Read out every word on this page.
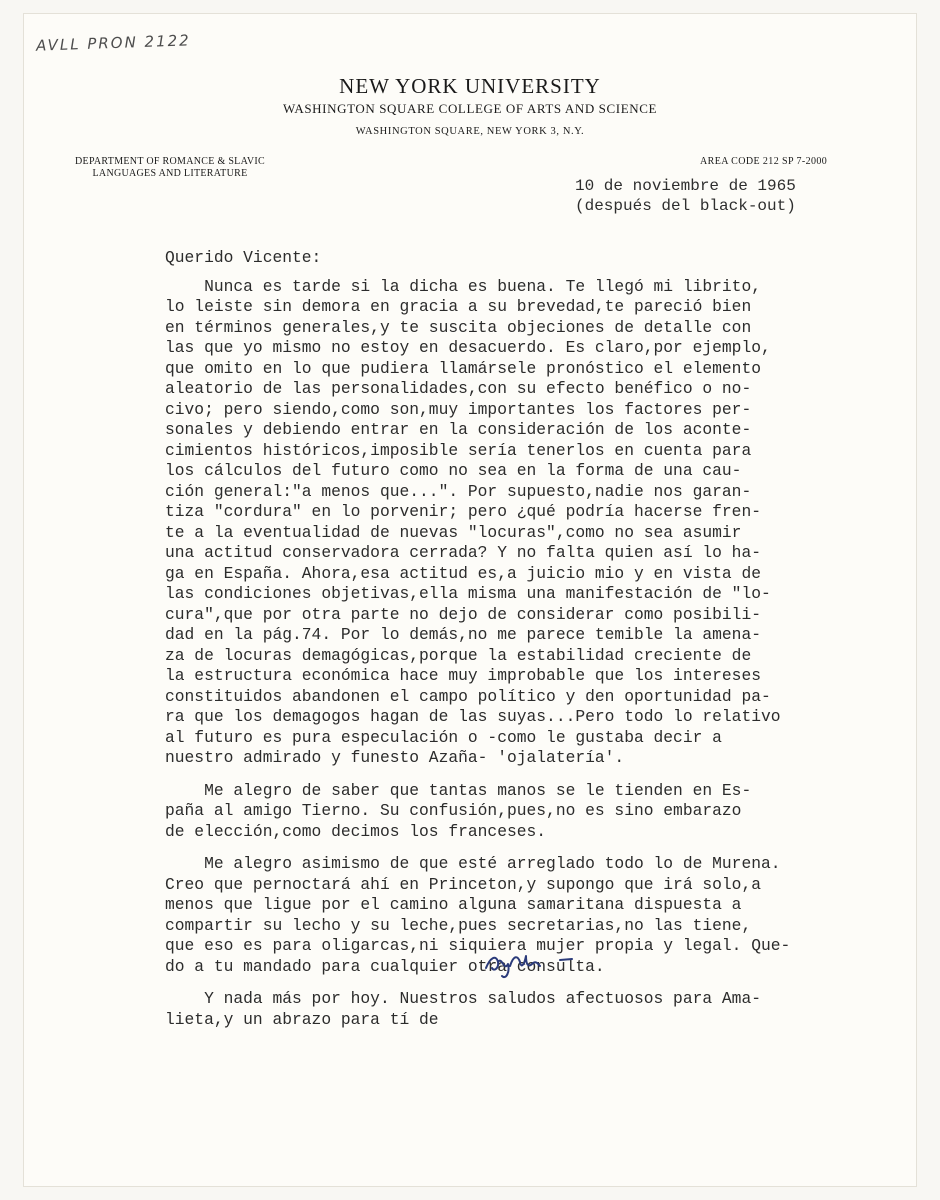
AVLL PRON 2122
NEW YORK UNIVERSITY
WASHINGTON SQUARE COLLEGE OF ARTS AND SCIENCE
WASHINGTON SQUARE, NEW YORK 3, N.Y.
DEPARTMENT OF ROMANCE & SLAVIC
LANGUAGES AND LITERATURE
AREA CODE 212 SP 7-2000
10 de noviembre de 1965
(después del black-out)
Querido Vicente:
Nunca es tarde si la dicha es buena. Te llegó mi librito,
lo leiste sin demora en gracia a su brevedad,te pareció bien
en términos generales,y te suscita objeciones de detalle con
las que yo mismo no estoy en desacuerdo. Es claro,por ejemplo,
que omito en lo que pudiera llamársele pronóstico el elemento
aleatorio de las personalidades,con su efecto benéfico o no-
civo; pero siendo,como son,muy importantes los factores per-
sonales y debiendo entrar en la consideración de los aconte-
cimientos históricos,imposible sería tenerlos en cuenta para
los cálculos del futuro como no sea en la forma de una cau-
ción general:"a menos que...". Por supuesto,nadie nos garan-
tiza "cordura" en lo porvenir; pero ¿qué podría hacerse fren-
te a la eventualidad de nuevas "locuras",como no sea asumir
una actitud conservadora cerrada? Y no falta quien así lo ha-
ga en España. Ahora,esa actitud es,a juicio mio y en vista de
las condiciones objetivas,ella misma una manifestación de "lo-
cura",que por otra parte no dejo de considerar como posibili-
dad en la pág.74. Por lo demás,no me parece temible la amena-
za de locuras demagógicas,porque la estabilidad creciente de
la estructura económica hace muy improbable que los intereses
constituidos abandonen el campo político y den oportunidad pa-
ra que los demagogos hagan de las suyas...Pero todo lo relativo
al futuro es pura especulación o -como le gustaba decir a
nuestro admirado y funesto Azaña- 'ojalatería'.
Me alegro de saber que tantas manos se le tienden en Es-
paña al amigo Tierno. Su confusión,pues,no es sino embarazo
de elección,como decimos los franceses.
Me alegro asimismo de que esté arreglado todo lo de Murena.
Creo que pernoctará ahí en Princeton,y supongo que irá solo,a
menos que ligue por el camino alguna samaritana dispuesta a
compartir su lecho y su leche,pues secretarias,no las tiene,
que eso es para oligarcas,ni siquiera mujer propia y legal. Que-
do a tu mandado para cualquier otra consulta.
Y nada más por hoy. Nuestros saludos afectuosos para Ama-
lieta,y un abrazo para tí de
